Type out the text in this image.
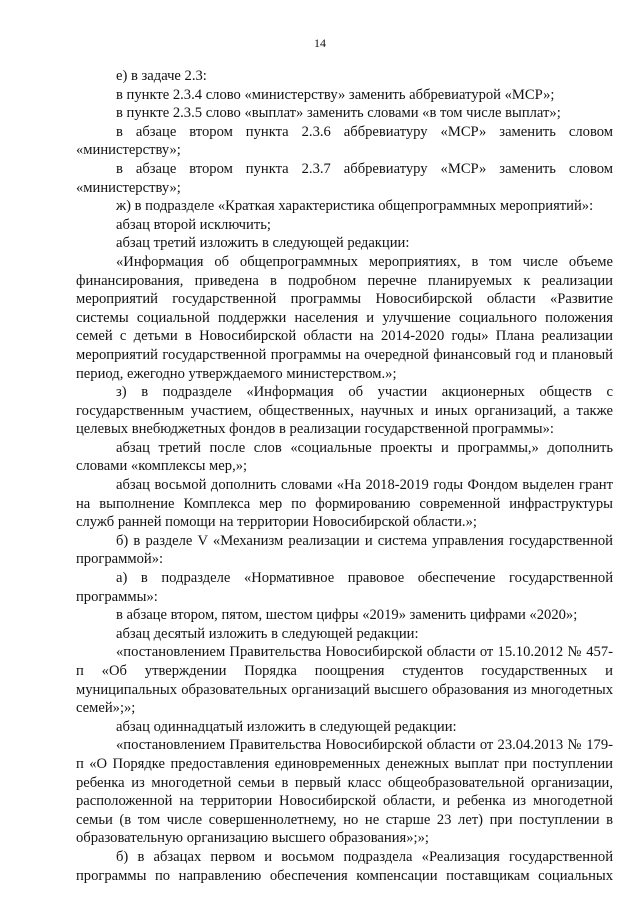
14

е) в задаче 2.3:

в пункте 2.3.4 слово «министерству» заменить аббревиатурой «МСР»;

в пункте 2.3.5 слово «выплат» заменить словами «в том числе выплат»;

в абзаце втором пункта 2.3.6 аббревиатуру «МСР» заменить словом «министерству»;

в абзаце втором пункта 2.3.7 аббревиатуру «МСР» заменить словом «министерству»;

ж) в подразделе «Краткая характеристика общепрограммных мероприятий»:

абзац второй исключить;

абзац третий изложить в следующей редакции:

«Информация об общепрограммных мероприятиях, в том числе объеме финансирования, приведена в подробном перечне планируемых к реализации мероприятий государственной программы Новосибирской области «Развитие системы социальной поддержки населения и улучшение социального положения семей с детьми в Новосибирской области на 2014-2020 годы» Плана реализации мероприятий государственной программы на очередной финансовый год и плановый период, ежегодно утверждаемого министерством.»;

з) в подразделе «Информация об участии акционерных обществ с государственным участием, общественных, научных и иных организаций, а также целевых внебюджетных фондов в реализации государственной программы»:

абзац третий после слов «социальные проекты и программы,» дополнить словами «комплексы мер,»;

абзац восьмой дополнить словами «На 2018-2019 годы Фондом выделен грант на выполнение Комплекса мер по формированию современной инфраструктуры служб ранней помощи на территории Новосибирской области.»;

б) в разделе V «Механизм реализации и система управления государственной программой»:

а) в подразделе «Нормативное правовое обеспечение государственной программы»:

в абзаце втором, пятом, шестом цифры «2019» заменить цифрами «2020»;

абзац десятый изложить в следующей редакции:

«постановлением Правительства Новосибирской области от 15.10.2012 № 457-п «Об утверждении Порядка поощрения студентов государственных и муниципальных образовательных организаций высшего образования из многодетных семей»;»;

абзац одиннадцатый изложить в следующей редакции:

«постановлением Правительства Новосибирской области от 23.04.2013 № 179-п «О Порядке предоставления единовременных денежных выплат при поступлении ребенка из многодетной семьи в первый класс общеобразовательной организации, расположенной на территории Новосибирской области, и ребенка из многодетной семьи (в том числе совершеннолетнему, но не старше 23 лет) при поступлении в образовательную организацию высшего образования»;»;

б) в абзацах первом и восьмом подраздела «Реализация государственной программы по направлению обеспечения компенсации поставщикам социальных
